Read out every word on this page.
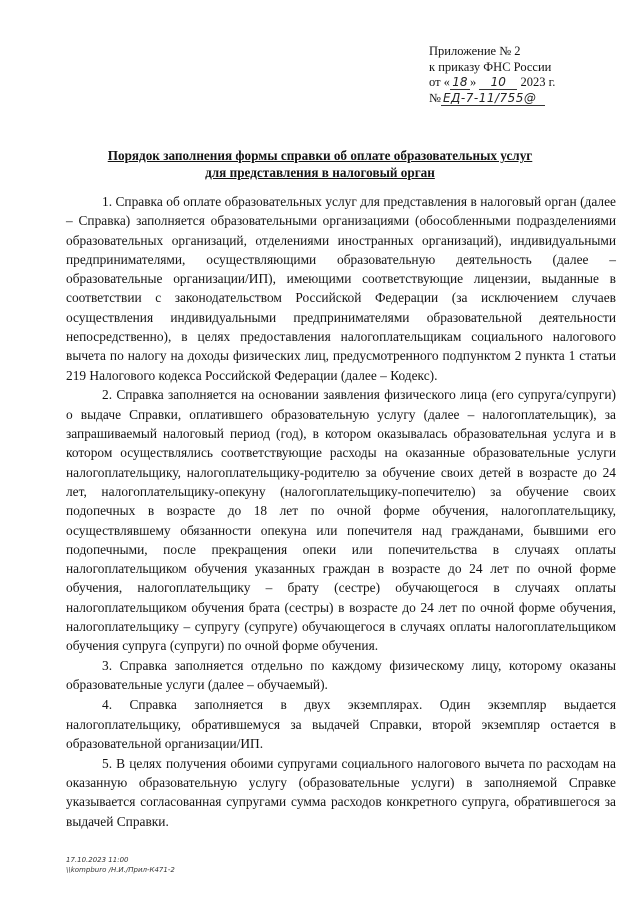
Приложение № 2
к приказу ФНС России
от « 18 » 10 2023 г.
№ ЕД-7-11/755@
Порядок заполнения формы справки об оплате образовательных услуг
для представления в налоговый орган

1. Справка об оплате образовательных услуг для представления в налоговый орган (далее – Справка) заполняется образовательными организациями (обособленными подразделениями образовательных организаций, отделениями иностранных организаций), индивидуальными предпринимателями, осуществляющими образовательную деятельность (далее – образовательные организации/ИП), имеющими соответствующие лицензии, выданные в соответствии с законодательством Российской Федерации (за исключением случаев осуществления индивидуальными предпринимателями образовательной деятельности непосредственно), в целях предоставления налогоплательщикам социального налогового вычета по налогу на доходы физических лиц, предусмотренного подпунктом 2 пункта 1 статьи 219 Налогового кодекса Российской Федерации (далее – Кодекс).

2. Справка заполняется на основании заявления физического лица (его супруга/супруги) о выдаче Справки, оплатившего образовательную услугу (далее – налогоплательщик), за запрашиваемый налоговый период (год), в котором оказывалась образовательная услуга и в котором осуществлялись соответствующие расходы на оказанные образовательные услуги налогоплательщику, налогоплательщику-родителю за обучение своих детей в возрасте до 24 лет, налогоплательщику-опекуну (налогоплательщику-попечителю) за обучение своих подопечных в возрасте до 18 лет по очной форме обучения, налогоплательщику, осуществлявшему обязанности опекуна или попечителя над гражданами, бывшими его подопечными, после прекращения опеки или попечительства в случаях оплаты налогоплательщиком обучения указанных граждан в возрасте до 24 лет по очной форме обучения, налогоплательщику – брату (сестре) обучающегося в случаях оплаты налогоплательщиком обучения брата (сестры) в возрасте до 24 лет по очной форме обучения, налогоплательщику – супругу (супруге) обучающегося в случаях оплаты налогоплательщиком обучения супруга (супруги) по очной форме обучения.

3. Справка заполняется отдельно по каждому физическому лицу, которому оказаны образовательные услуги (далее – обучаемый).

4. Справка заполняется в двух экземплярах. Один экземпляр выдается налогоплательщику, обратившемуся за выдачей Справки, второй экземпляр остается в образовательной организации/ИП.

5. В целях получения обоими супругами социального налогового вычета по расходам на оказанную образовательную услугу (образовательные услуги) в заполняемой Справке указывается согласованная супругами сумма расходов конкретного супруга, обратившегося за выдачей Справки.

17.10.2023 11:00
\\kompburo /Н.И./Прил-К471-2
